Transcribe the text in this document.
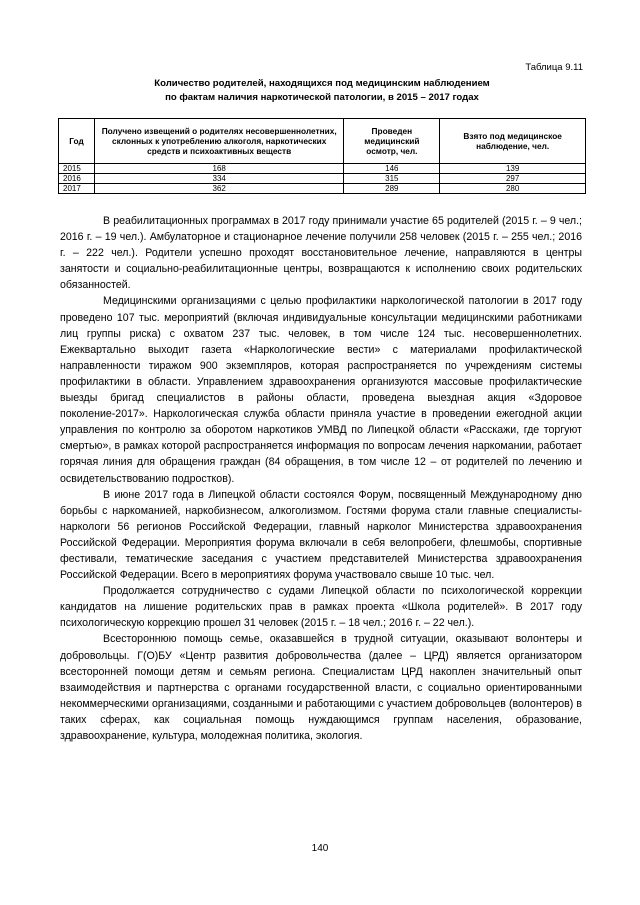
Таблица 9.11
Количество родителей, находящихся под медицинским наблюдением
по фактам наличия наркотической патологии, в 2015 – 2017 годах
Год	Получено извещений о родителях несовершеннолетних, склонных к употреблению алкоголя, наркотических средств и психоактивных веществ	Проведен медицинский осмотр, чел.	Взято под медицинское наблюдение, чел.
2015	168	146	139
2016	334	315	297
2017	362	289	280

В реабилитационных программах в 2017 году принимали участие 65 родителей (2015 г. – 9 чел.; 2016 г. – 19 чел.). Амбулаторное и стационарное лечение получили 258 человек (2015 г. – 255 чел.; 2016 г. – 222 чел.). Родители успешно проходят восстановительное лечение, направляются в центры занятости и социально-реабилитационные центры, возвращаются к исполнению своих родительских обязанностей.

Медицинскими организациями с целью профилактики наркологической патологии в 2017 году проведено 107 тыс. мероприятий (включая индивидуальные консультации медицинскими работниками лиц группы риска) с охватом 237 тыс. человек, в том числе 124 тыс. несовершеннолетних. Ежеквартально выходит газета «Наркологические вести» с материалами профилактической направленности тиражом 900 экземпляров, которая распространяется по учреждениям системы профилактики в области. Управлением здравоохранения организуются массовые профилактические выезды бригад специалистов в районы области, проведена выездная акция «Здоровое поколение-2017». Наркологическая служба области приняла участие в проведении ежегодной акции управления по контролю за оборотом наркотиков УМВД по Липецкой области «Расскажи, где торгуют смертью», в рамках которой распространяется информация по вопросам лечения наркомании, работает горячая линия для обращения граждан (84 обращения, в том числе 12 – от родителей по лечению и освидетельствованию подростков).

В июне 2017 года в Липецкой области состоялся Форум, посвященный Международному дню борьбы с наркоманией, наркобизнесом, алкоголизмом. Гостями форума стали главные специалисты-наркологи 56 регионов Российской Федерации, главный нарколог Министерства здравоохранения Российской Федерации. Мероприятия форума включали в себя велопробеги, флешмобы, спортивные фестивали, тематические заседания с участием представителей Министерства здравоохранения Российской Федерации. Всего в мероприятиях форума участвовало свыше 10 тыс. чел.

Продолжается сотрудничество с судами Липецкой области по психологической коррекции кандидатов на лишение родительских прав в рамках проекта «Школа родителей». В 2017 году психологическую коррекцию прошел 31 человек (2015 г. – 18 чел.; 2016 г. – 22 чел.).

Всестороннюю помощь семье, оказавшейся в трудной ситуации, оказывают волонтеры и добровольцы. Г(О)БУ «Центр развития добровольчества (далее – ЦРД) является организатором всесторонней помощи детям и семьям региона. Специалистам ЦРД накоплен значительный опыт взаимодействия и партнерства с органами государственной власти, с социально ориентированными некоммерческими организациями, созданными и работающими с участием добровольцев (волонтеров) в таких сферах, как социальная помощь нуждающимся группам населения, образование, здравоохранение, культура, молодежная политика, экология.

140
